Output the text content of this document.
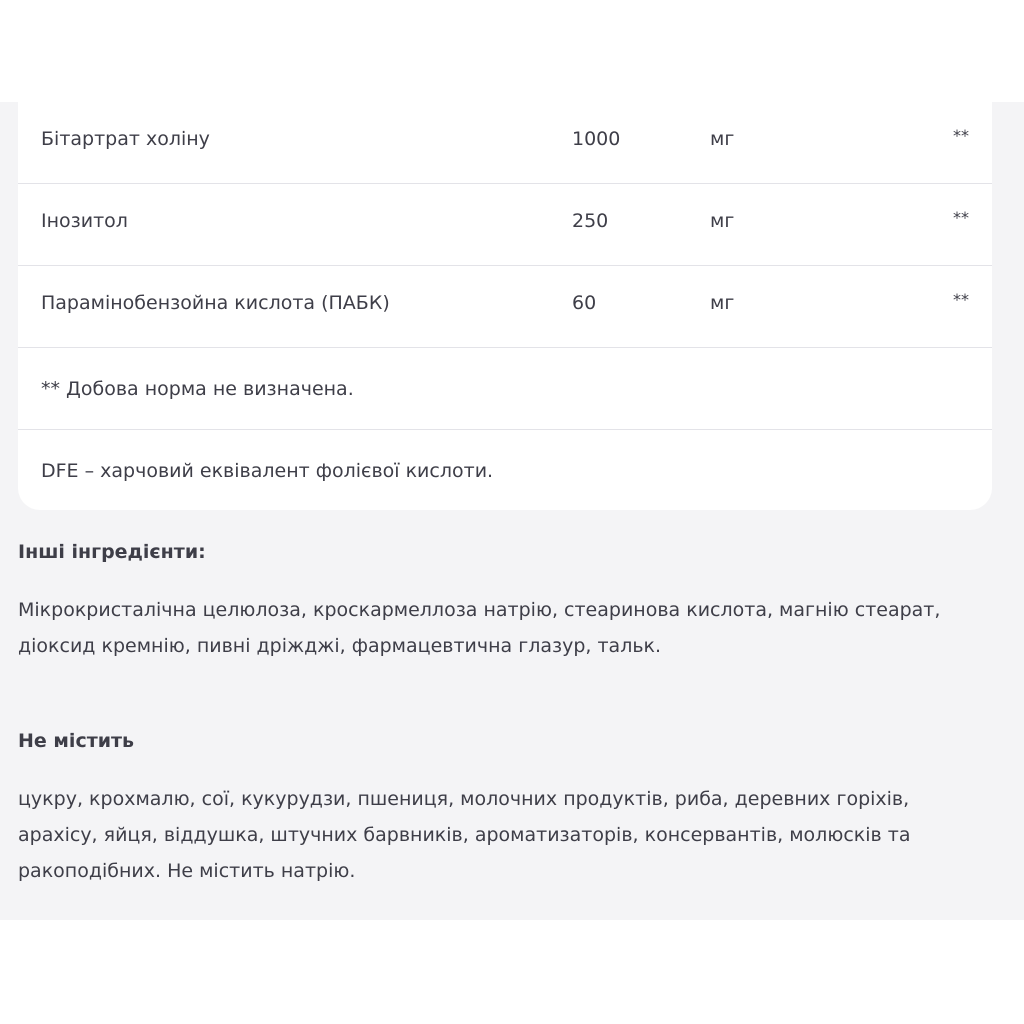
Бітартрат холіну	1000	мг	**
Інозитол	250	мг	**
Парамінобензойна кислота (ПАБК)	60	мг	**
** Добова норма не визначена.
DFE – харчовий еквівалент фолієвої кислоти.
Інші інгредієнти:
Мікрокристалічна целюлоза, кроскармеллоза натрію, стеаринова кислота, магнію стеарат,
діоксид кремнію, пивні дріжджі, фармацевтична глазур, тальк.
Не містить
цукру, крохмалю, сої, кукурудзи, пшениця, молочних продуктів, риба, деревних горіхів,
арахісу, яйця, віддушка, штучних барвників, ароматизаторів, консервантів, молюсків та
ракоподібних. Не містить натрію.
